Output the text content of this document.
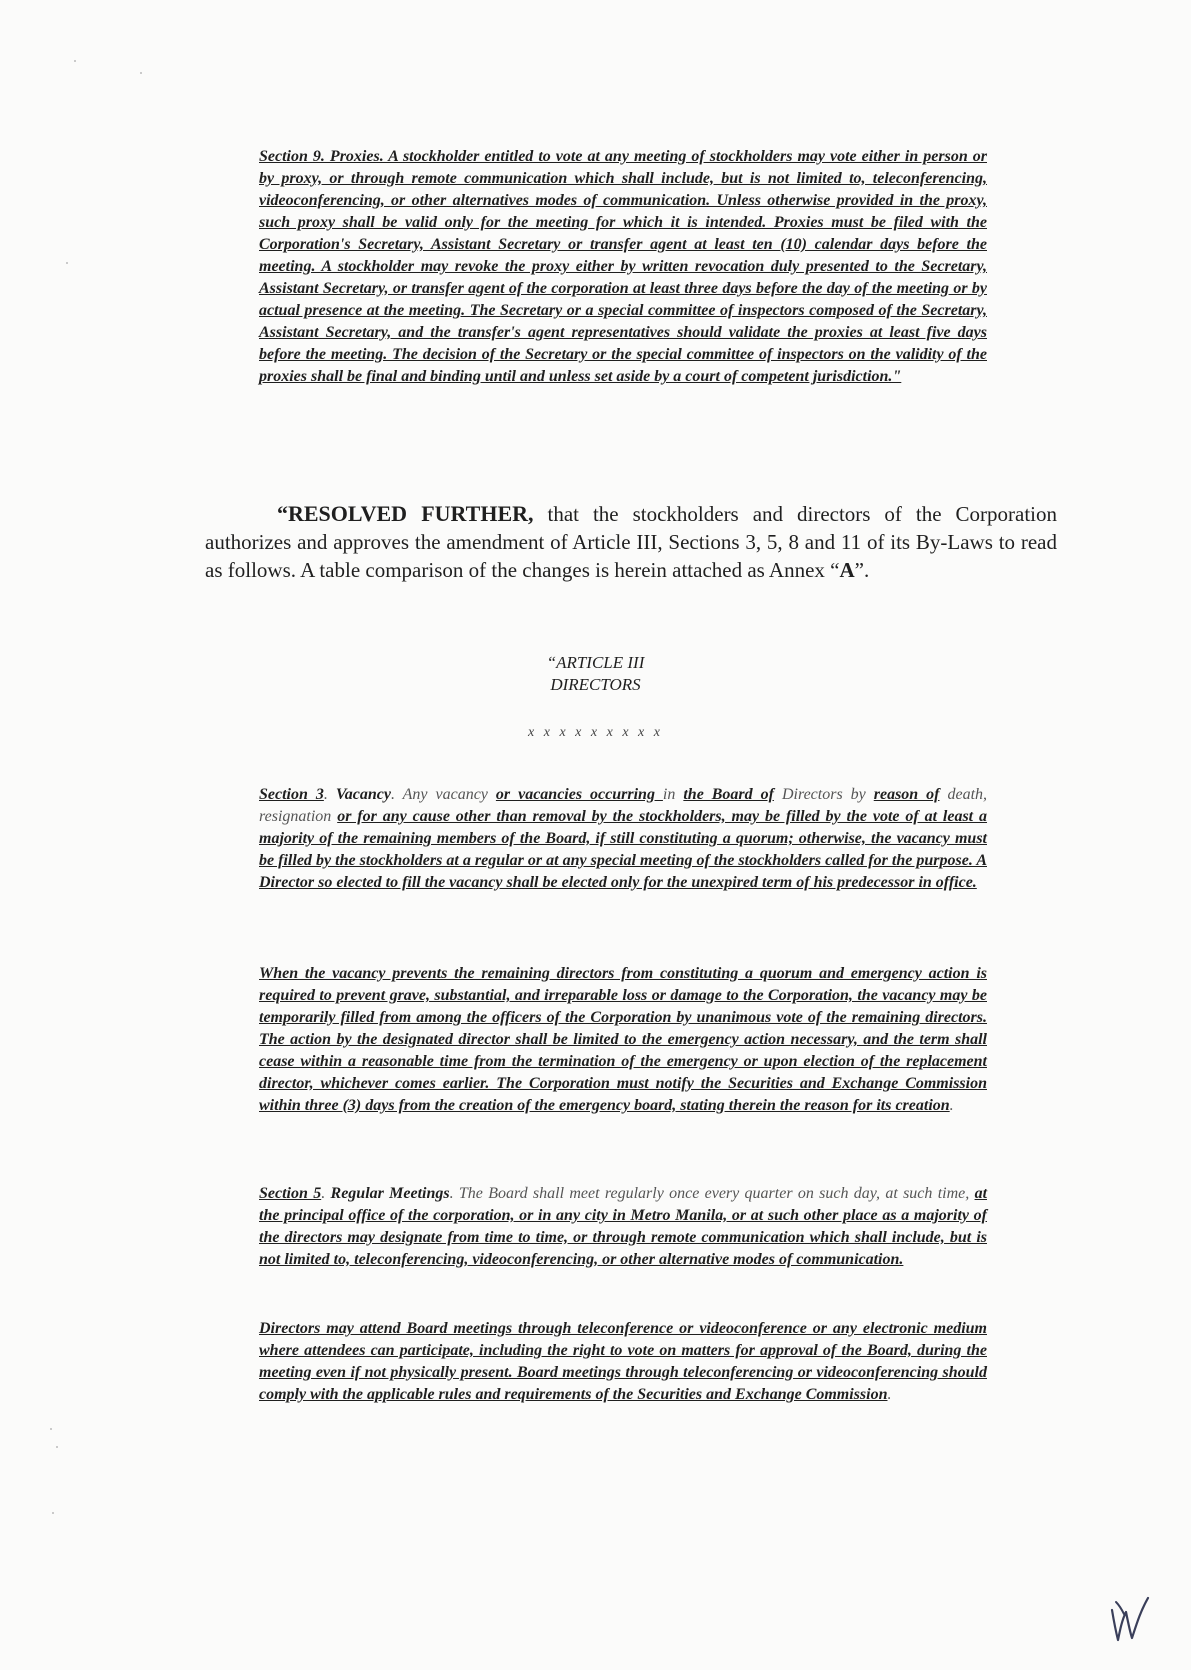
Section 9. Proxies. A stockholder entitled to vote at any meeting of stockholders may vote either in person or by proxy, or through remote communication which shall include, but is not limited to, teleconferencing, videoconferencing, or other alternatives modes of communication. Unless otherwise provided in the proxy, such proxy shall be valid only for the meeting for which it is intended. Proxies must be filed with the Corporation's Secretary, Assistant Secretary or transfer agent at least ten (10) calendar days before the meeting. A stockholder may revoke the proxy either by written revocation duly presented to the Secretary, Assistant Secretary, or transfer agent of the corporation at least three days before the day of the meeting or by actual presence at the meeting. The Secretary or a special committee of inspectors composed of the Secretary, Assistant Secretary, and the transfer's agent representatives should validate the proxies at least five days before the meeting. The decision of the Secretary or the special committee of inspectors on the validity of the proxies shall be final and binding until and unless set aside by a court of competent jurisdiction."
“RESOLVED FURTHER, that the stockholders and directors of the Corporation authorizes and approves the amendment of Article III, Sections 3, 5, 8 and 11 of its By-Laws to read as follows. A table comparison of the changes is herein attached as Annex “A”.
“ARTICLE III
DIRECTORS
x x x x x x x x x
Section 3. Vacancy. Any vacancy or vacancies occurring in the Board of Directors by reason of death, resignation or for any cause other than removal by the stockholders, may be filled by the vote of at least a majority of the remaining members of the Board, if still constituting a quorum; otherwise, the vacancy must be filled by the stockholders at a regular or at any special meeting of the stockholders called for the purpose. A Director so elected to fill the vacancy shall be elected only for the unexpired term of his predecessor in office.
When the vacancy prevents the remaining directors from constituting a quorum and emergency action is required to prevent grave, substantial, and irreparable loss or damage to the Corporation, the vacancy may be temporarily filled from among the officers of the Corporation by unanimous vote of the remaining directors. The action by the designated director shall be limited to the emergency action necessary, and the term shall cease within a reasonable time from the termination of the emergency or upon election of the replacement director, whichever comes earlier. The Corporation must notify the Securities and Exchange Commission within three (3) days from the creation of the emergency board, stating therein the reason for its creation.
Section 5. Regular Meetings. The Board shall meet regularly once every quarter on such day, at such time, at the principal office of the corporation, or in any city in Metro Manila, or at such other place as a majority of the directors may designate from time to time, or through remote communication which shall include, but is not limited to, teleconferencing, videoconferencing, or other alternative modes of communication.
Directors may attend Board meetings through teleconference or videoconference or any electronic medium where attendees can participate, including the right to vote on matters for approval of the Board, during the meeting even if not physically present. Board meetings through teleconferencing or videoconferencing should comply with the applicable rules and requirements of the Securities and Exchange Commission.
